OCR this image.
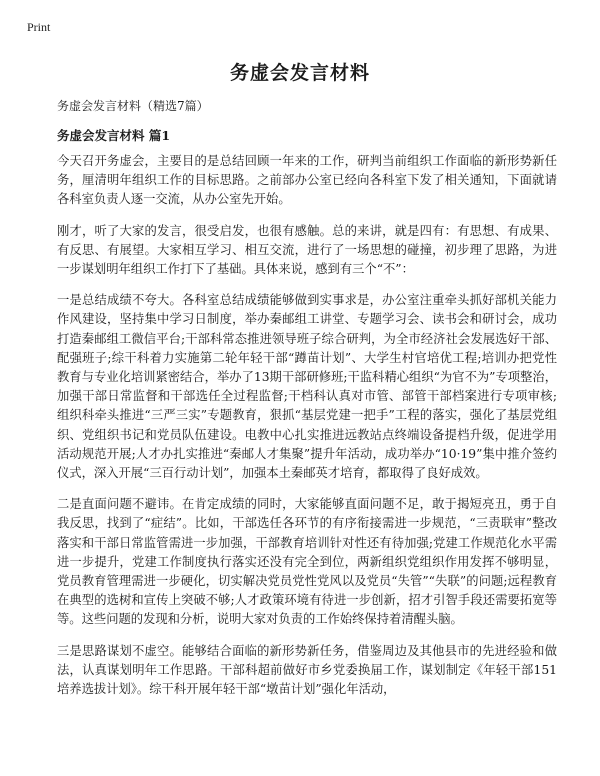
Print
务虚会发言材料

务虚会发言材料（精选7篇）

务虚会发言材料 篇1

今天召开务虚会，主要目的是总结回顾一年来的工作，研判当前组织工作面临的新形势新任务，厘清明年组织工作的目标思路。之前部办公室已经向各科室下发了相关通知，下面就请各科室负责人逐一交流，从办公室先开始。

刚才，听了大家的发言，很受启发，也很有感触。总的来讲，就是四有：有思想、有成果、有反思、有展望。大家相互学习、相互交流，进行了一场思想的碰撞，初步理了思路，为进一步谋划明年组织工作打下了基础。具体来说，感到有三个“不”：

一是总结成绩不夸大。各科室总结成绩能够做到实事求是，办公室注重牵头抓好部机关能力作风建设，坚持集中学习日制度，举办秦邮组工讲堂、专题学习会、读书会和研讨会，成功打造秦邮组工微信平台;干部科常态推进领导班子综合研判，为全市经济社会发展选好干部、配强班子;综干科着力实施第二轮年轻干部“蹲苗计划”、大学生村官培优工程;培训办把党性教育与专业化培训紧密结合，举办了13期干部研修班;干监科精心组织“为官不为”专项整治，加强干部日常监督和干部选任全过程监督;干档科认真对市管、部管干部档案进行专项审核;组织科牵头推进“三严三实”专题教育，狠抓“基层党建一把手”工程的落实，强化了基层党组织、党组织书记和党员队伍建设。电教中心扎实推进远教站点终端设备提档升级，促进学用活动规范开展;人才办扎实推进“秦邮人才集聚”提升年活动，成功举办“10·19”集中推介签约仪式，深入开展“三百行动计划”，加强本土秦邮英才培育，都取得了良好成效。

二是直面问题不避讳。在肯定成绩的同时，大家能够直面问题不足，敢于揭短亮丑，勇于自我反思，找到了“症结”。比如，干部选任各环节的有序衔接需进一步规范，“三责联审”整改落实和干部日常监管需进一步加强，干部教育培训针对性还有待加强;党建工作规范化水平需进一步提升，党建工作制度执行落实还没有完全到位，两新组织党组织作用发挥不够明显，党员教育管理需进一步硬化，切实解决党员党性党风以及党员“失管”“失联”的问题;远程教育在典型的选树和宣传上突破不够;人才政策环境有待进一步创新，招才引智手段还需要拓宽等等。这些问题的发现和分析，说明大家对负责的工作始终保持着清醒头脑。

三是思路谋划不虚空。能够结合面临的新形势新任务，借鉴周边及其他县市的先进经验和做法，认真谋划明年工作思路。干部科超前做好市乡党委换届工作，谋划制定《年轻干部151培养选拔计划》。综干科开展年轻干部“墩苗计划”强化年活动，
